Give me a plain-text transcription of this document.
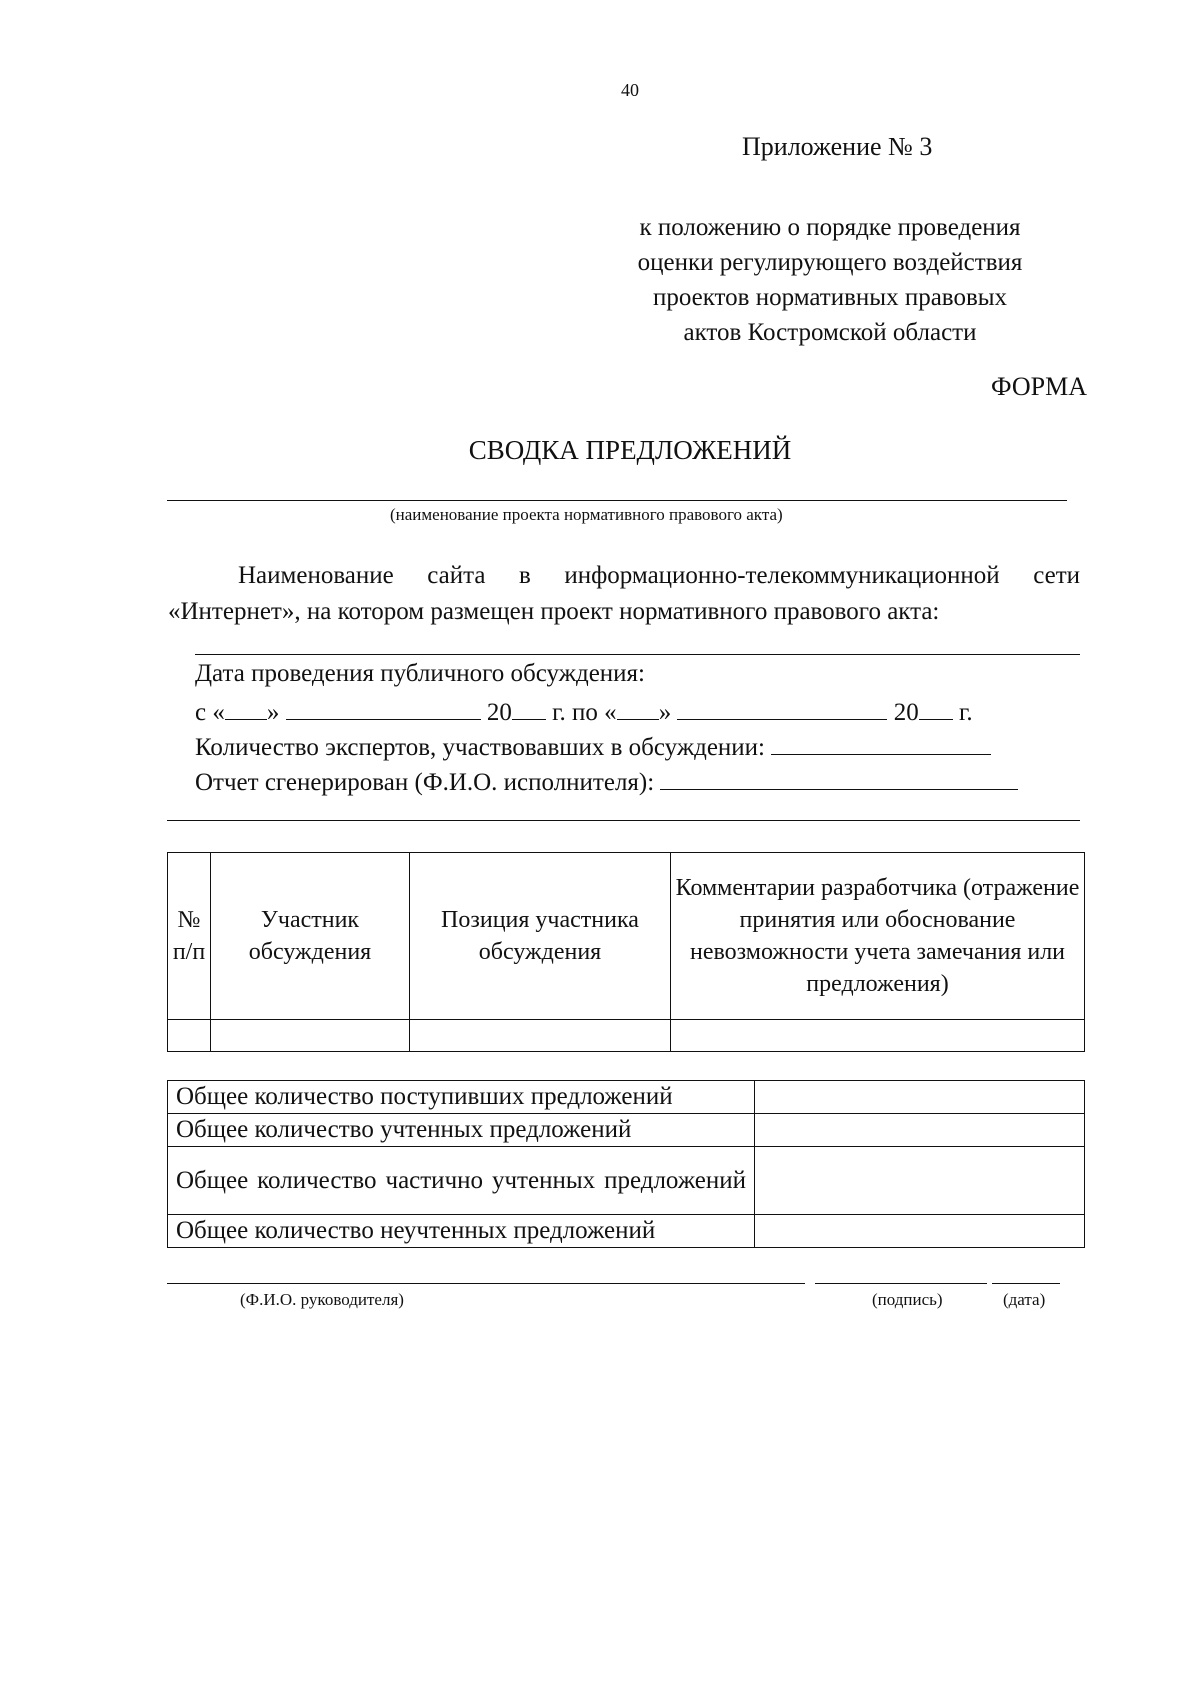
40
Приложение № 3
к положению о порядке проведения
оценки регулирующего воздействия
проектов нормативных правовых
актов Костромской области
ФОРМА
СВОДКА ПРЕДЛОЖЕНИЙ
(наименование проекта нормативного правового акта)
Наименование сайта в информационно-телекоммуникационной сети «Интернет», на котором размещен проект нормативного правового акта:
Дата проведения публичного обсуждения:
с « »	20 г. по « »	20 г.
Количество экспертов, участвовавших в обсуждении:
Отчет сгенерирован (Ф.И.О. исполнителя):
№ п/п	Участник обсуждения	Позиция участника обсуждения	Комментарии разработчика (отражение принятия или обоснование невозможности учета замечания или предложения)

Общее количество поступивших предложений	
Общее количество учтенных предложений	
Общее количество частично учтенных предложений	
Общее количество неучтенных предложений	
(Ф.И.О. руководителя)	(подпись)	(дата)
